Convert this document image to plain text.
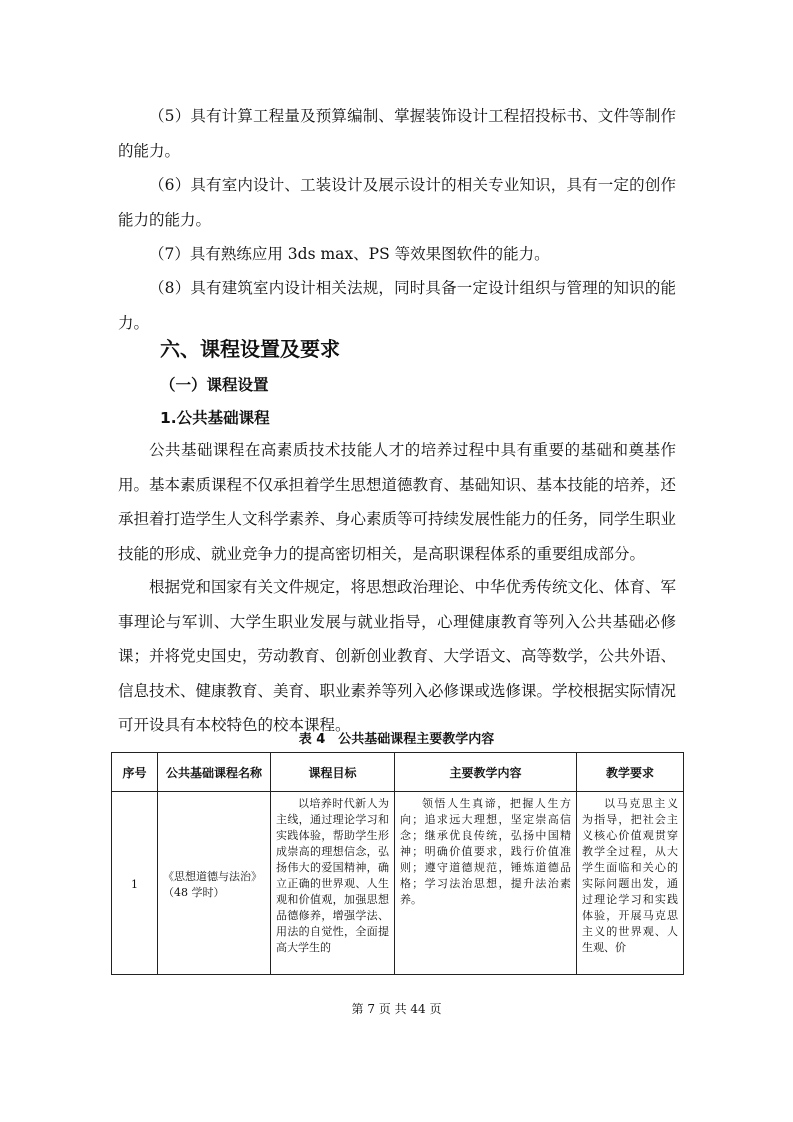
（5）具有计算工程量及预算编制、掌握装饰设计工程招投标书、文件等制作的能力。

（6）具有室内设计、工装设计及展示设计的相关专业知识，具有一定的创作能力的能力。

（7）具有熟练应用 3ds max、PS 等效果图软件的能力。

（8）具有建筑室内设计相关法规，同时具备一定设计组织与管理的知识的能力。

六、课程设置及要求
（一）课程设置
1.公共基础课程

公共基础课程在高素质技术技能人才的培养过程中具有重要的基础和奠基作用。基本素质课程不仅承担着学生思想道德教育、基础知识、基本技能的培养，还承担着打造学生人文科学素养、身心素质等可持续发展性能力的任务，同学生职业技能的形成、就业竞争力的提高密切相关，是高职课程体系的重要组成部分。

根据党和国家有关文件规定，将思想政治理论、中华优秀传统文化、体育、军事理论与军训、大学生职业发展与就业指导，心理健康教育等列入公共基础必修课；并将党史国史，劳动教育、创新创业教育、大学语文、高等数学，公共外语、信息技术、健康教育、美育、职业素养等列入必修课或选修课。学校根据实际情况可开设具有本校特色的校本课程。

表 4　公共基础课程主要教学内容
序号	公共基础课程名称	课程目标	主要教学内容	教学要求
1	《思想道德与法治》（48 学时）	以培养时代新人为主线，通过理论学习和实践体验，帮助学生形成崇高的理想信念，弘扬伟大的爱国精神，确立正确的世界观、人生观和价值观，加强思想品德修养，增强学法、用法的自觉性，全面提高大学生的	领悟人生真谛，把握人生方向；追求远大理想，坚定崇高信念；继承优良传统，弘扬中国精神；明确价值要求，践行价值准则；遵守道德规范，锤炼道德品格；学习法治思想，提升法治素养。	以马克思主义为指导，把社会主义核心价值观贯穿教学全过程，从大学生面临和关心的实际问题出发，通过理论学习和实践体验，开展马克思主义的世界观、人生观、价
第 7 页 共 44 页
